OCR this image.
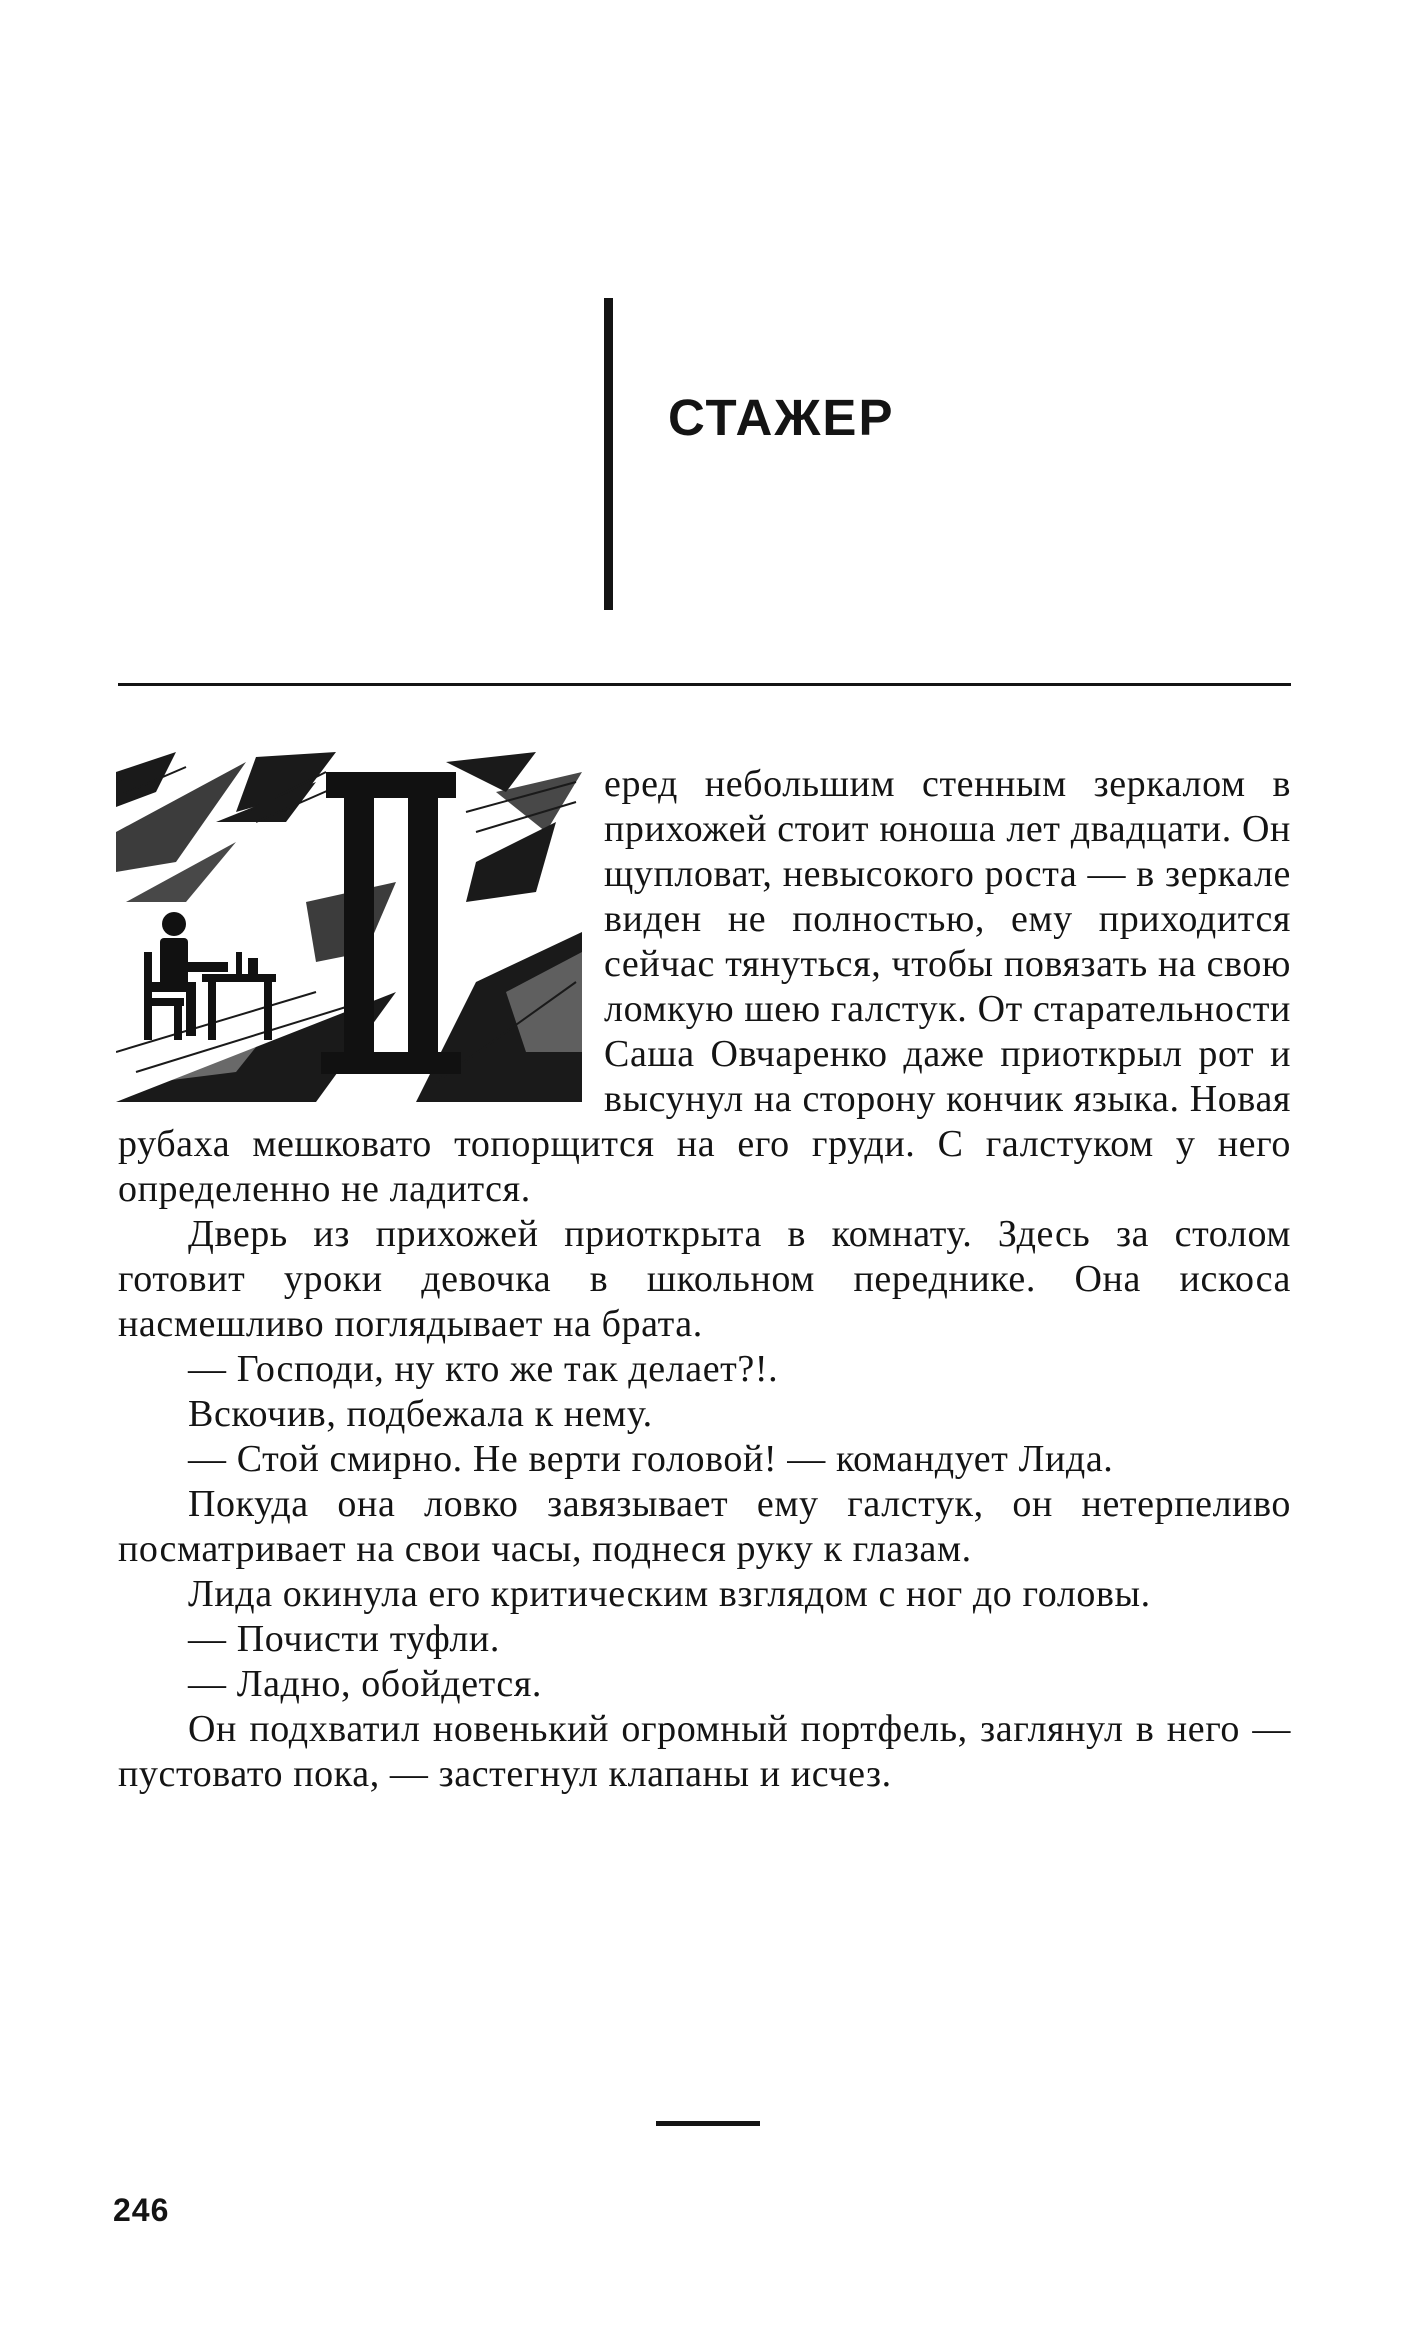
СТАЖЕР

еред небольшим стенным зеркалом в прихожей стоит юноша лет двадцати. Он щупловат, невысокого роста — в зеркале виден не полностью, ему приходится сейчас тянуться, чтобы повязать на свою ломкую шею галстук. От старательности Саша Овчаренко даже приоткрыл рот и высунул на сторону кончик языка. Новая рубаха мешковато топорщится на его груди. С галстуком у него определенно не ладится.

Дверь из прихожей приоткрыта в комнату. Здесь за столом готовит уроки девочка в школьном переднике. Она искоса насмешливо поглядывает на брата.

— Господи, ну кто же так делает?!.

Вскочив, подбежала к нему.

— Стой смирно. Не верти головой! — командует Лида.

Покуда она ловко завязывает ему галстук, он нетерпеливо посматривает на свои часы, поднеся руку к глазам.

Лида окинула его критическим взглядом с ног до головы.

— Почисти туфли.

— Ладно, обойдется.

Он подхватил новенький огромный портфель, заглянул в него — пустовато пока, — застегнул клапаны и исчез.

246
